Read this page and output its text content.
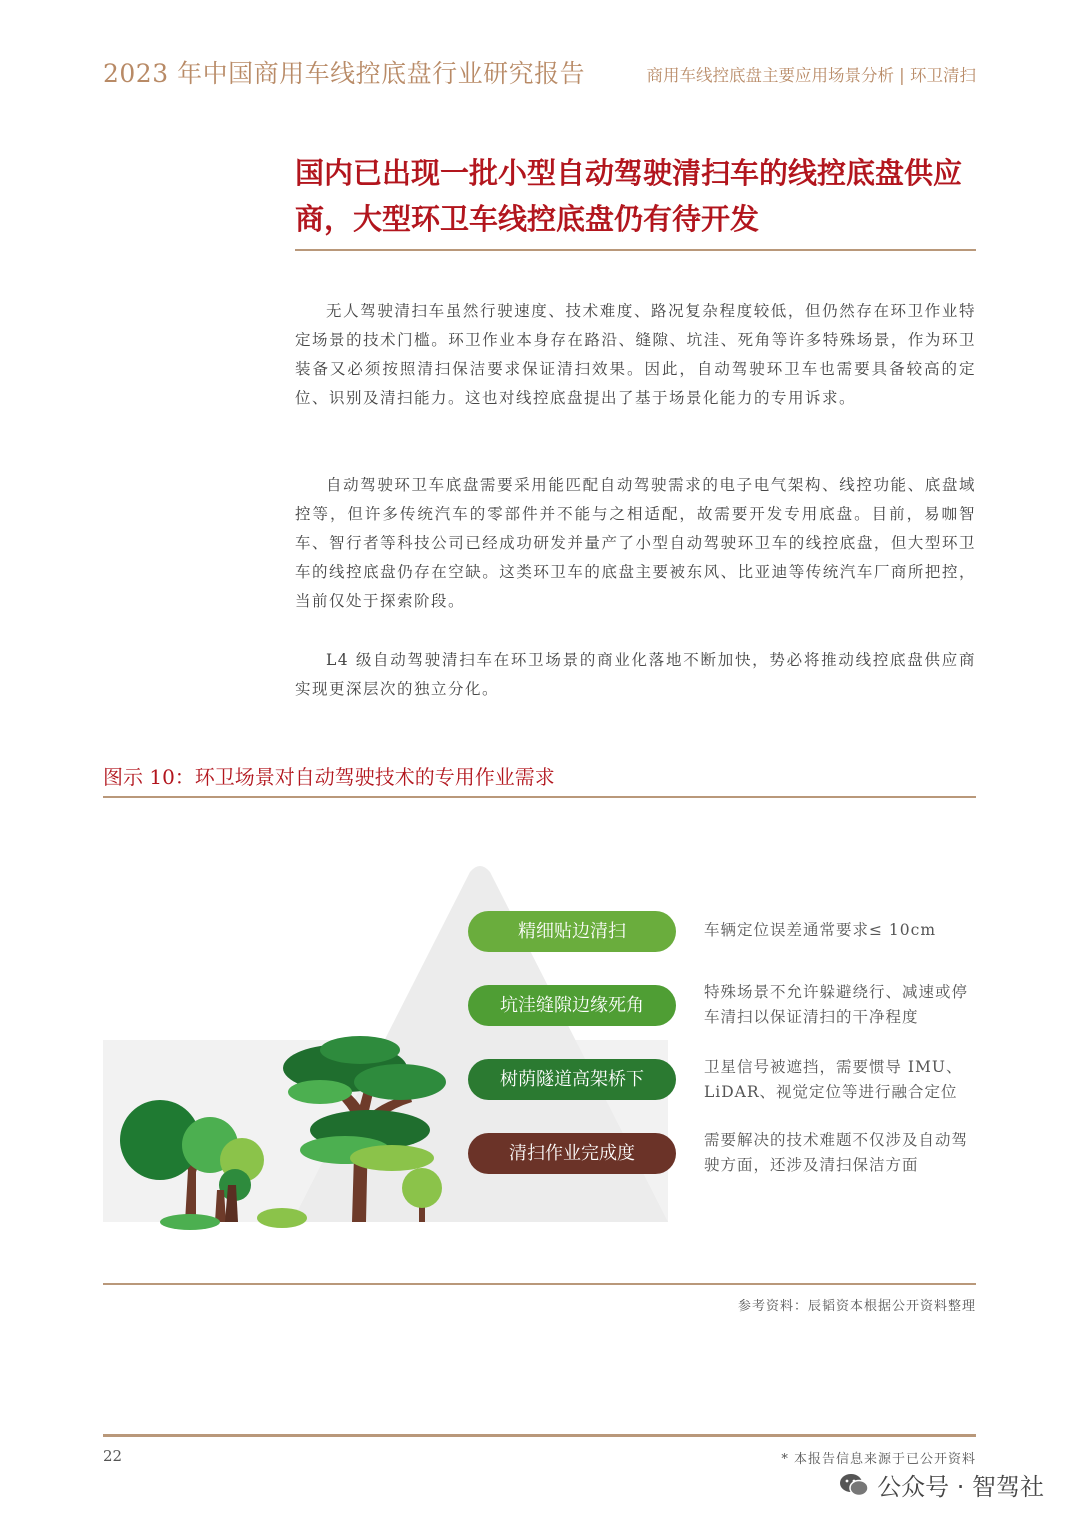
2023 年中国商用车线控底盘行业研究报告	商用车线控底盘主要应用场景分析 | 环卫清扫
国内已出现一批小型自动驾驶清扫车的线控底盘供应商，大型环卫车线控底盘仍有待开发

无人驾驶清扫车虽然行驶速度、技术难度、路况复杂程度较低，但仍然存在环卫作业特定场景的技术门槛。环卫作业本身存在路沿、缝隙、坑洼、死角等许多特殊场景，作为环卫装备又必须按照清扫保洁要求保证清扫效果。因此，自动驾驶环卫车也需要具备较高的定位、识别及清扫能力。这也对线控底盘提出了基于场景化能力的专用诉求。

自动驾驶环卫车底盘需要采用能匹配自动驾驶需求的电子电气架构、线控功能、底盘域控等，但许多传统汽车的零部件并不能与之相适配，故需要开发专用底盘。目前，易咖智车、智行者等科技公司已经成功研发并量产了小型自动驾驶环卫车的线控底盘，但大型环卫车的线控底盘仍存在空缺。这类环卫车的底盘主要被东风、比亚迪等传统汽车厂商所把控，当前仅处于探索阶段。

L4 级自动驾驶清扫车在环卫场景的商业化落地不断加快，势必将推动线控底盘供应商实现更深层次的独立分化。

图示 10：环卫场景对自动驾驶技术的专用作业需求
精细贴边清扫
坑洼缝隙边缘死角
树荫隧道高架桥下
清扫作业完成度
车辆定位误差通常要求≤ 10cm
特殊场景不允许躲避绕行、减速或停车清扫以保证清扫的干净程度
卫星信号被遮挡，需要惯导 IMU、LiDAR、视觉定位等进行融合定位
需要解决的技术难题不仅涉及自动驾驶方面，还涉及清扫保洁方面
参考资料：辰韬资本根据公开资料整理
22	* 本报告信息来源于已公开资料
公众号 · 智驾社
